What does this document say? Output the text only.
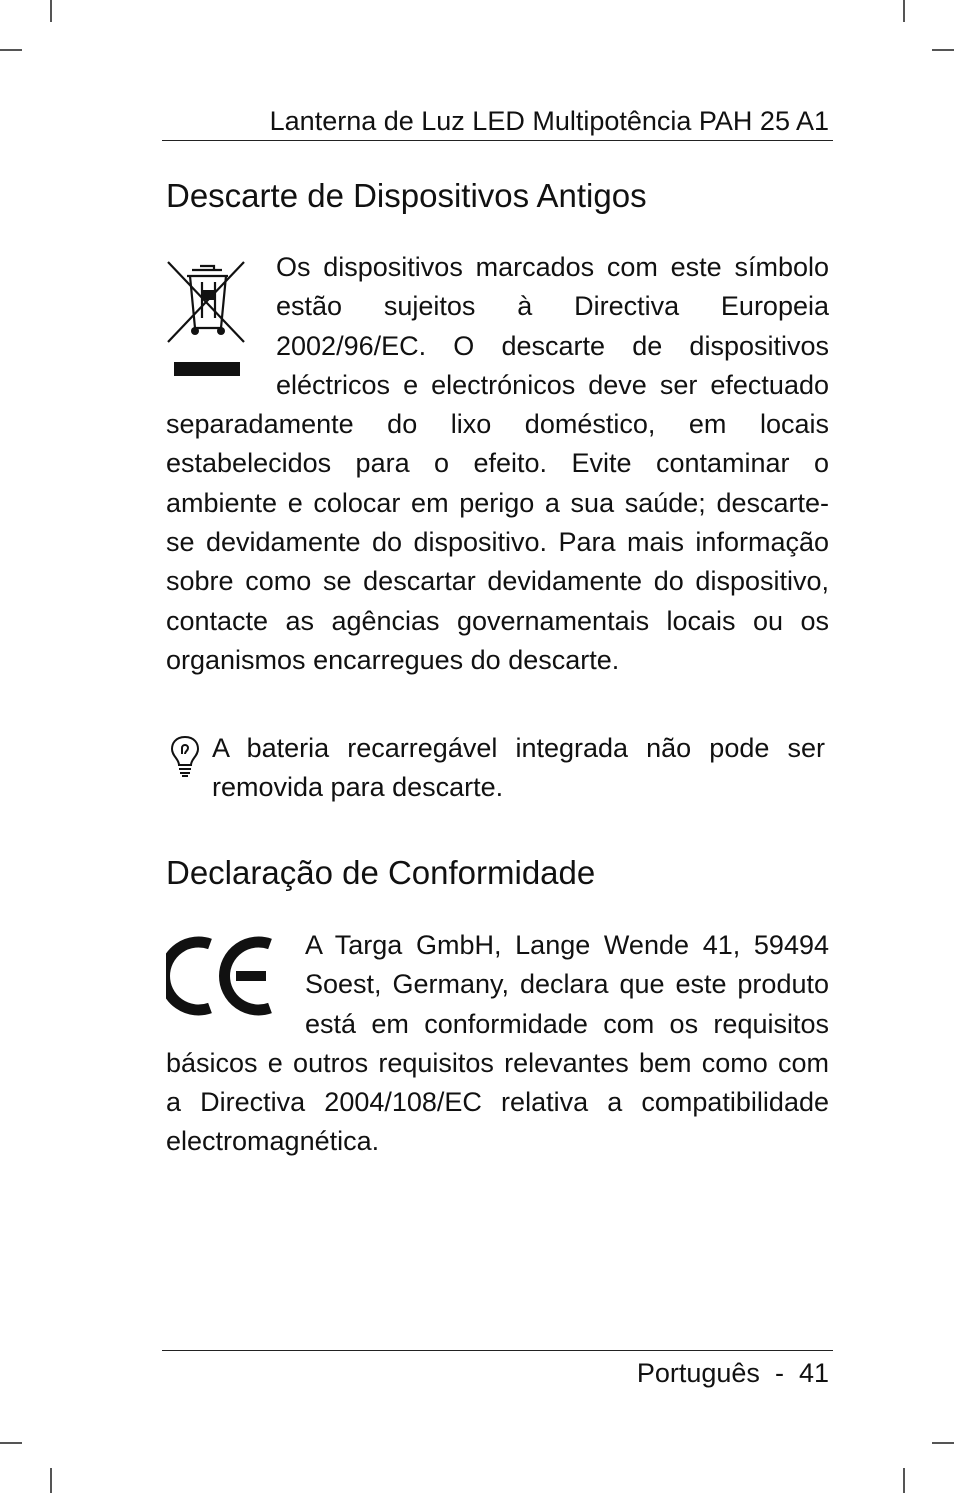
Lanterna de Luz LED Multipotência PAH 25 A1
Descarte de Dispositivos Antigos
Os dispositivos marcados com este símbolo estão sujeitos à Directiva Europeia 2002/96/EC. O descarte de dispositivos eléctricos e electrónicos deve ser efectuado separadamente do lixo doméstico, em locais estabelecidos para o efeito. Evite contaminar o ambiente e colocar em perigo a sua saúde; descarte-se devidamente do dispositivo. Para mais informação sobre como se descartar devidamente do dispositivo, contacte as agências governamentais locais ou os organismos encarregues do descarte.

A bateria recarregável integrada não pode ser removida para descarte.

Declaração de Conformidade
A Targa GmbH, Lange Wende 41, 59494 Soest, Germany, declara que este produto está em conformidade com os requisitos básicos e outros requisitos relevantes bem como com a Directiva 2004/108/EC relativa a compatibilidade electromagnética.
Português - 41
